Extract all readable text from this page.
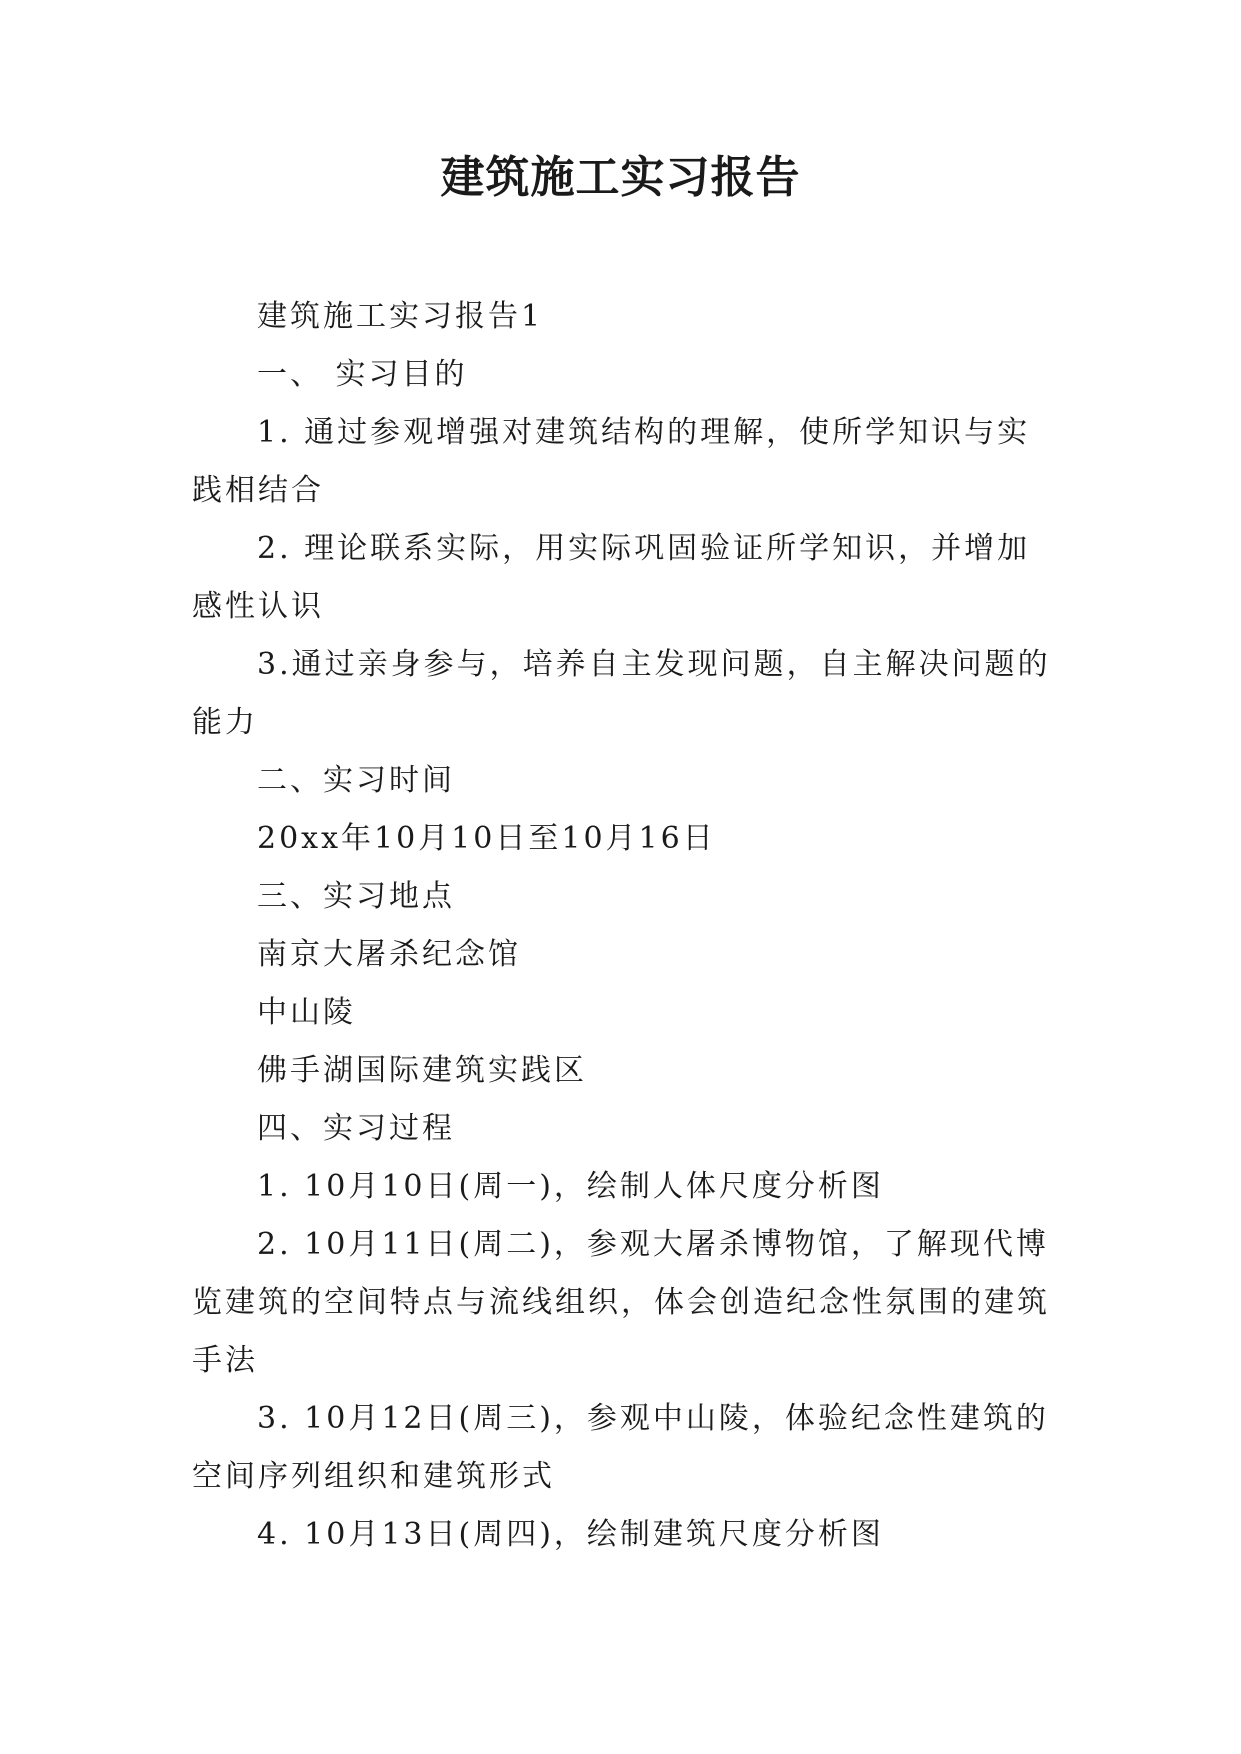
建筑施工实习报告

建筑施工实习报告1

一、 实习目的

1. 通过参观增强对建筑结构的理解，使所学知识与实践相结合

2. 理论联系实际，用实际巩固验证所学知识，并增加感性认识

3.通过亲身参与，培养自主发现问题，自主解决问题的能力

二、实习时间

20xx年10月10日至10月16日

三、实习地点

南京大屠杀纪念馆

中山陵

佛手湖国际建筑实践区

四、实习过程

1. 10月10日(周一)，绘制人体尺度分析图

2. 10月11日(周二)，参观大屠杀博物馆，了解现代博览建筑的空间特点与流线组织，体会创造纪念性氛围的建筑手法

3. 10月12日(周三)，参观中山陵，体验纪念性建筑的空间序列组织和建筑形式

4. 10月13日(周四)，绘制建筑尺度分析图
